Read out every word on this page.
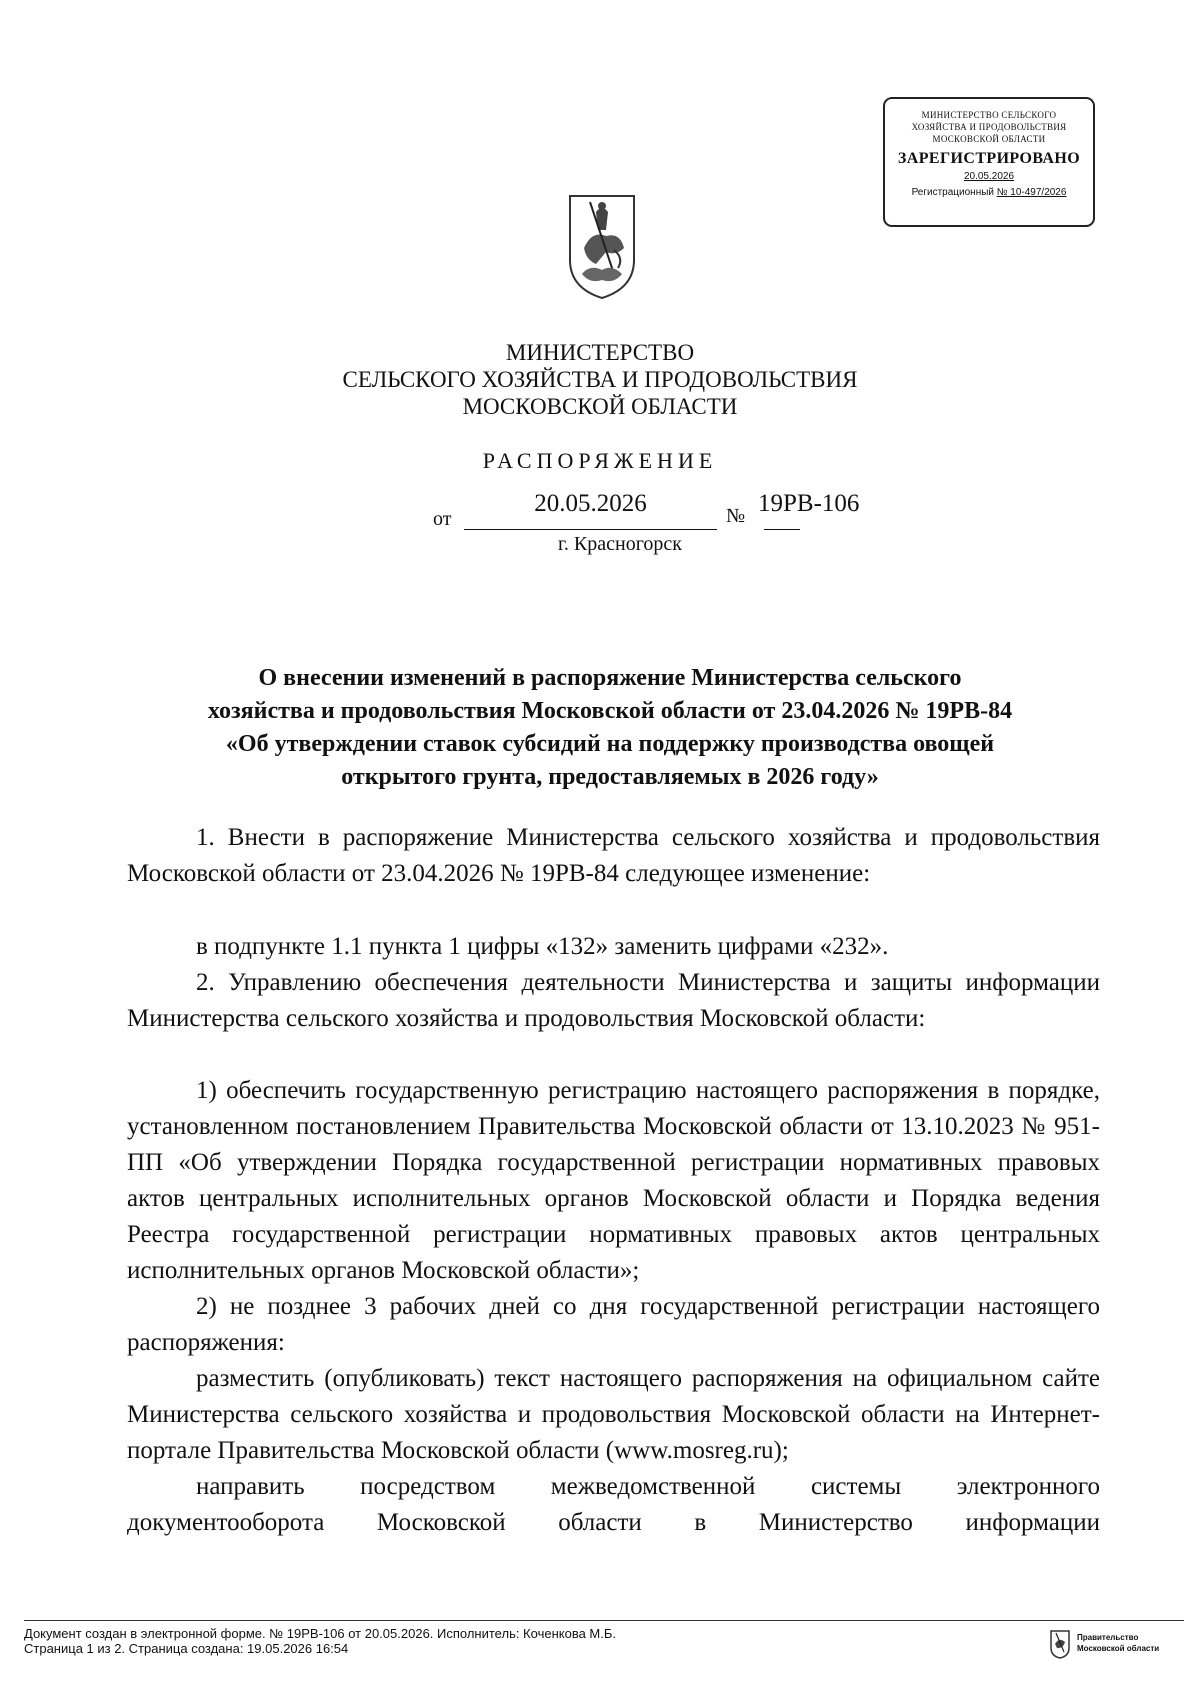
МИНИСТЕРСТВО СЕЛЬСКОГО
ХОЗЯЙСТВА И ПРОДОВОЛЬСТВИЯ
МОСКОВСКОЙ ОБЛАСТИ
ЗАРЕГИСТРИРОВАНО
20.05.2026
Регистрационный № 10-497/2026
МИНИСТЕРСТВО
СЕЛЬСКОГО ХОЗЯЙСТВА И ПРОДОВОЛЬСТВИЯ
МОСКОВСКОЙ ОБЛАСТИ
РАСПОРЯЖЕНИЕ
от
20.05.2026	№ 19РВ-106
г. Красногорск
О внесении изменений в распоряжение Министерства сельского
хозяйства и продовольствия Московской области от 23.04.2026 № 19РВ-84
«Об утверждении ставок субсидий на поддержку производства овощей
открытого грунта, предоставляемых в 2026 году»
1. Внести в распоряжение Министерства сельского хозяйства и продовольствия Московской области от 23.04.2026 № 19РВ-84 следующее изменение:
в подпункте 1.1 пункта 1 цифры «132» заменить цифрами «232».
2. Управлению обеспечения деятельности Министерства и защиты информации Министерства сельского хозяйства и продовольствия Московской области:
1) обеспечить государственную регистрацию настоящего распоряжения в порядке, установленном постановлением Правительства Московской области от 13.10.2023 № 951-ПП «Об утверждении Порядка государственной регистрации нормативных правовых актов центральных исполнительных органов Московской области и Порядка ведения Реестра государственной регистрации нормативных правовых актов центральных исполнительных органов Московской области»;
2) не позднее 3 рабочих дней со дня государственной регистрации настоящего распоряжения:
разместить (опубликовать) текст настоящего распоряжения на официальном сайте Министерства сельского хозяйства и продовольствия Московской области на Интернет-портале Правительства Московской области (www.mosreg.ru);
направить посредством межведомственной системы электронного документооборота Московской области в Министерство информации
Документ создан в электронной форме. № 19РВ-106 от 20.05.2026. Исполнитель: Коченкова М.Б.
Страница 1 из 2. Страница создана: 19.05.2026 16:54
Правительство
Московской области
